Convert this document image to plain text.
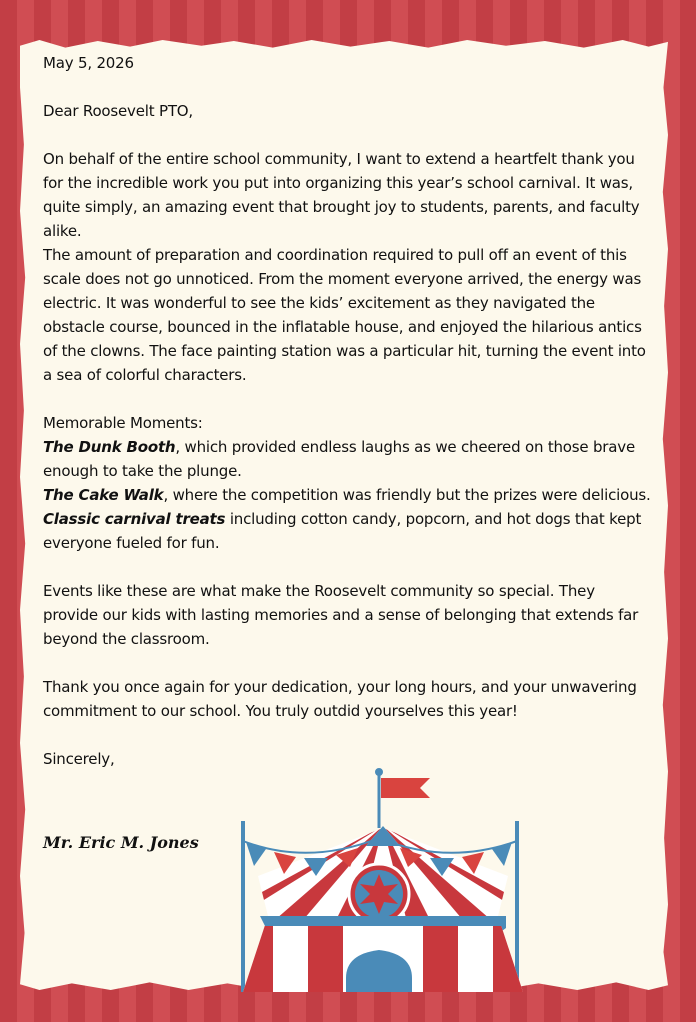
May 5, 2026

Dear Roosevelt PTO,

On behalf of the entire school community, I want to extend a heartfelt thank you for the incredible work you put into organizing this year’s school carnival. It was, quite simply, an amazing event that brought joy to students, parents, and faculty alike.

The amount of preparation and coordination required to pull off an event of this scale does not go unnoticed. From the moment everyone arrived, the energy was electric. It was wonderful to see the kids’ excitement as they navigated the obstacle course, bounced in the inflatable house, and enjoyed the hilarious antics of the clowns. The face painting station was a particular hit, turning the event into a sea of colorful characters.

Memorable Moments:

The Dunk Booth, which provided endless laughs as we cheered on those brave enough to take the plunge.

The Cake Walk, where the competition was friendly but the prizes were delicious.

Classic carnival treats including cotton candy, popcorn, and hot dogs that kept everyone fueled for fun.

Events like these are what make the Roosevelt community so special. They provide our kids with lasting memories and a sense of belonging that extends far beyond the classroom.

Thank you once again for your dedication, your long hours, and your unwavering commitment to our school. You truly outdid yourselves this year!

Sincerely,

Mr. Eric M. Jones
